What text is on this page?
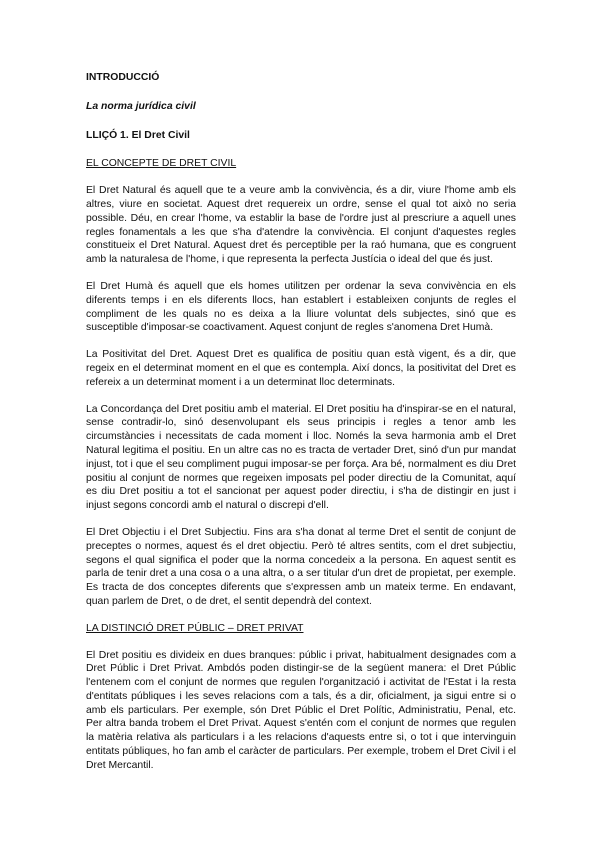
INTRODUCCIÓ
La norma jurídica civil
LLIÇÓ 1. El Dret Civil
EL CONCEPTE DE DRET CIVIL

El Dret Natural és aquell que te a veure amb la convivència, és a dir, viure l'home amb els altres, viure en societat. Aquest dret requereix un ordre, sense el qual tot això no seria possible. Déu, en crear l'home, va establir la base de l'ordre just al prescriure a aquell unes regles fonamentals a les que s'ha d'atendre la convivència. El conjunt d'aquestes regles constitueix el Dret Natural. Aquest dret és perceptible per la raó humana, que es congruent amb la naturalesa de l'home, i que representa la perfecta Justícia o ideal del que és just.

El Dret Humà és aquell que els homes utilitzen per ordenar la seva convivència en els diferents temps i en els diferents llocs, han establert i estableixen conjunts de regles el compliment de les quals no es deixa a la lliure voluntat dels subjectes, sinó que es susceptible d'imposar-se coactivament. Aquest conjunt de regles s'anomena Dret Humà.

La Positivitat del Dret. Aquest Dret es qualifica de positiu quan està vigent, és a dir, que regeix en el determinat moment en el que es contempla. Així doncs, la positivitat del Dret es refereix a un determinat moment i a un determinat lloc determinats.

La Concordança del Dret positiu amb el material. El Dret positiu ha d'inspirar-se en el natural, sense contradir-lo, sinó desenvolupant els seus principis i regles a tenor amb les circumstàncies i necessitats de cada moment i lloc. Només la seva harmonia amb el Dret Natural legitima el positiu. En un altre cas no es tracta de vertader Dret, sinó d'un pur mandat injust, tot i que el seu compliment pugui imposar-se per força. Ara bé, normalment es diu Dret positiu al conjunt de normes que regeixen imposats pel poder directiu de la Comunitat, aquí es diu Dret positiu a tot el sancionat per aquest poder directiu, i s'ha de distingir en just i injust segons concordi amb el natural o discrepi d'ell.

El Dret Objectiu i el Dret Subjectiu. Fins ara s'ha donat al terme Dret el sentit de conjunt de preceptes o normes, aquest és el dret objectiu. Però té altres sentits, com el dret subjectiu, segons el qual significa el poder que la norma concedeix a la persona. En aquest sentit es parla de tenir dret a una cosa o a una altra, o a ser titular d'un dret de propietat, per exemple. Es tracta de dos conceptes diferents que s'expressen amb un mateix terme. En endavant, quan parlem de Dret, o de dret, el sentit dependrà del context.

LA DISTINCIÓ DRET PÚBLIC – DRET PRIVAT

El Dret positiu es divideix en dues branques: públic i privat, habitualment designades com a Dret Públic i Dret Privat. Ambdós poden distingir-se de la següent manera: el Dret Públic l'entenem com el conjunt de normes que regulen l'organització i activitat de l'Estat i la resta d'entitats públiques i les seves relacions com a tals, és a dir, oficialment, ja sigui entre si o amb els particulars. Per exemple, són Dret Públic el Dret Polític, Administratiu, Penal, etc. Per altra banda trobem el Dret Privat. Aquest s'entén com el conjunt de normes que regulen la matèria relativa als particulars i a les relacions d'aquests entre si, o tot i que intervinguin entitats públiques, ho fan amb el caràcter de particulars. Per exemple, trobem el Dret Civil i el Dret Mercantil.
